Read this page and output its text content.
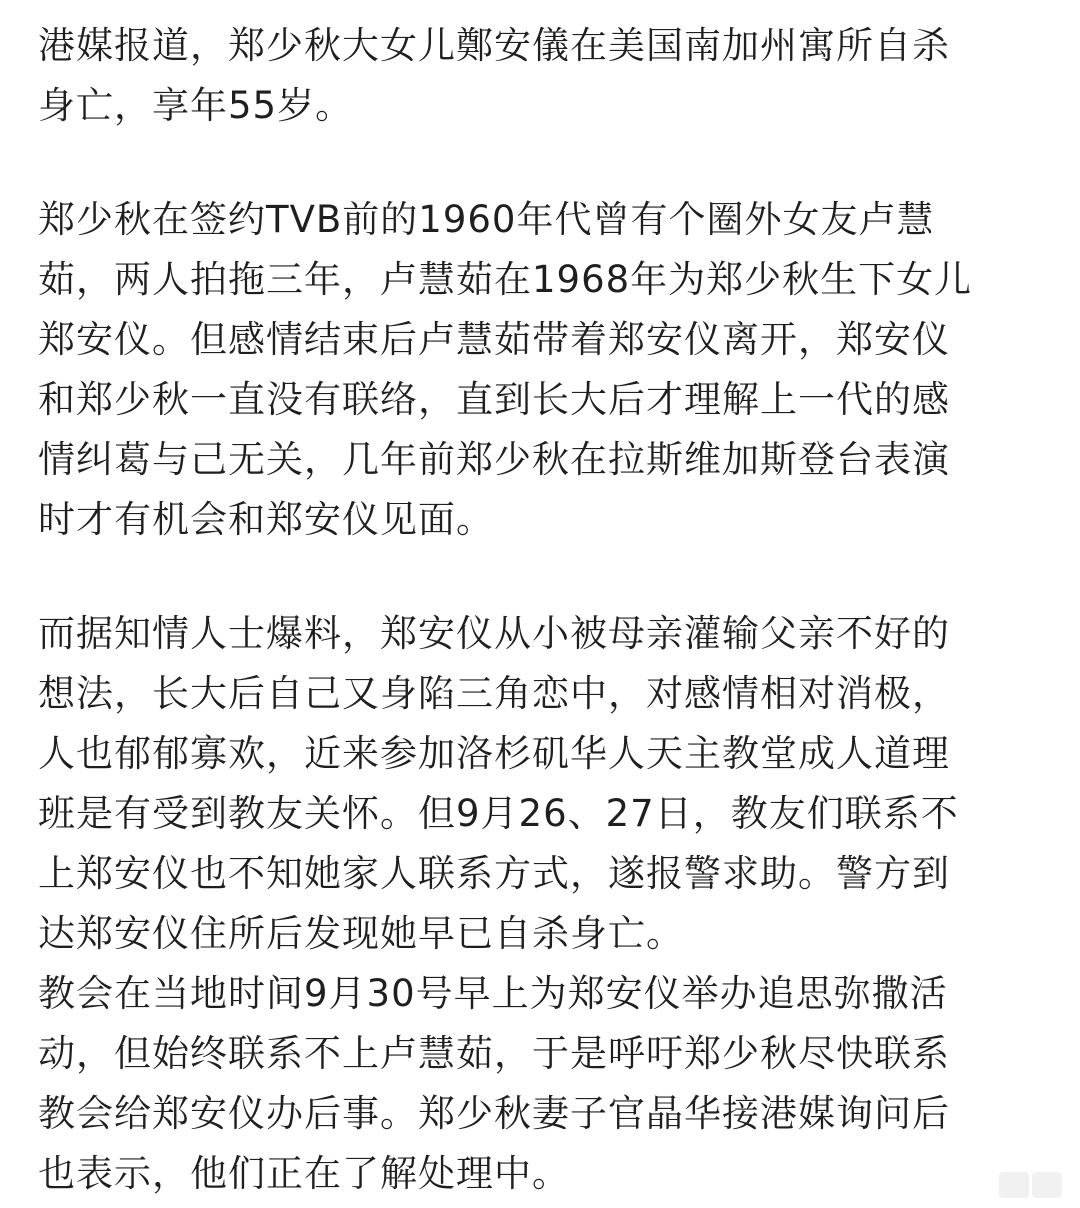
港媒报道，郑少秋大女儿鄭安儀在美国南加州寓所自杀
身亡，享年55岁。
郑少秋在签约TVB前的1960年代曾有个圈外女友卢慧
茹，两人拍拖三年，卢慧茹在1968年为郑少秋生下女儿
郑安仪。但感情结束后卢慧茹带着郑安仪离开，郑安仪
和郑少秋一直没有联络，直到长大后才理解上一代的感
情纠葛与己无关，几年前郑少秋在拉斯维加斯登台表演
时才有机会和郑安仪见面。
而据知情人士爆料，郑安仪从小被母亲灌输父亲不好的
想法，长大后自己又身陷三角恋中，对感情相对消极，
人也郁郁寡欢，近来参加洛杉矶华人天主教堂成人道理
班是有受到教友关怀。但9月26、27日，教友们联系不
上郑安仪也不知她家人联系方式，遂报警求助。警方到
达郑安仪住所后发现她早已自杀身亡。
教会在当地时间9月30号早上为郑安仪举办追思弥撒活
动，但始终联系不上卢慧茹，于是呼吁郑少秋尽快联系
教会给郑安仪办后事。郑少秋妻子官晶华接港媒询问后
也表示，他们正在了解处理中。
